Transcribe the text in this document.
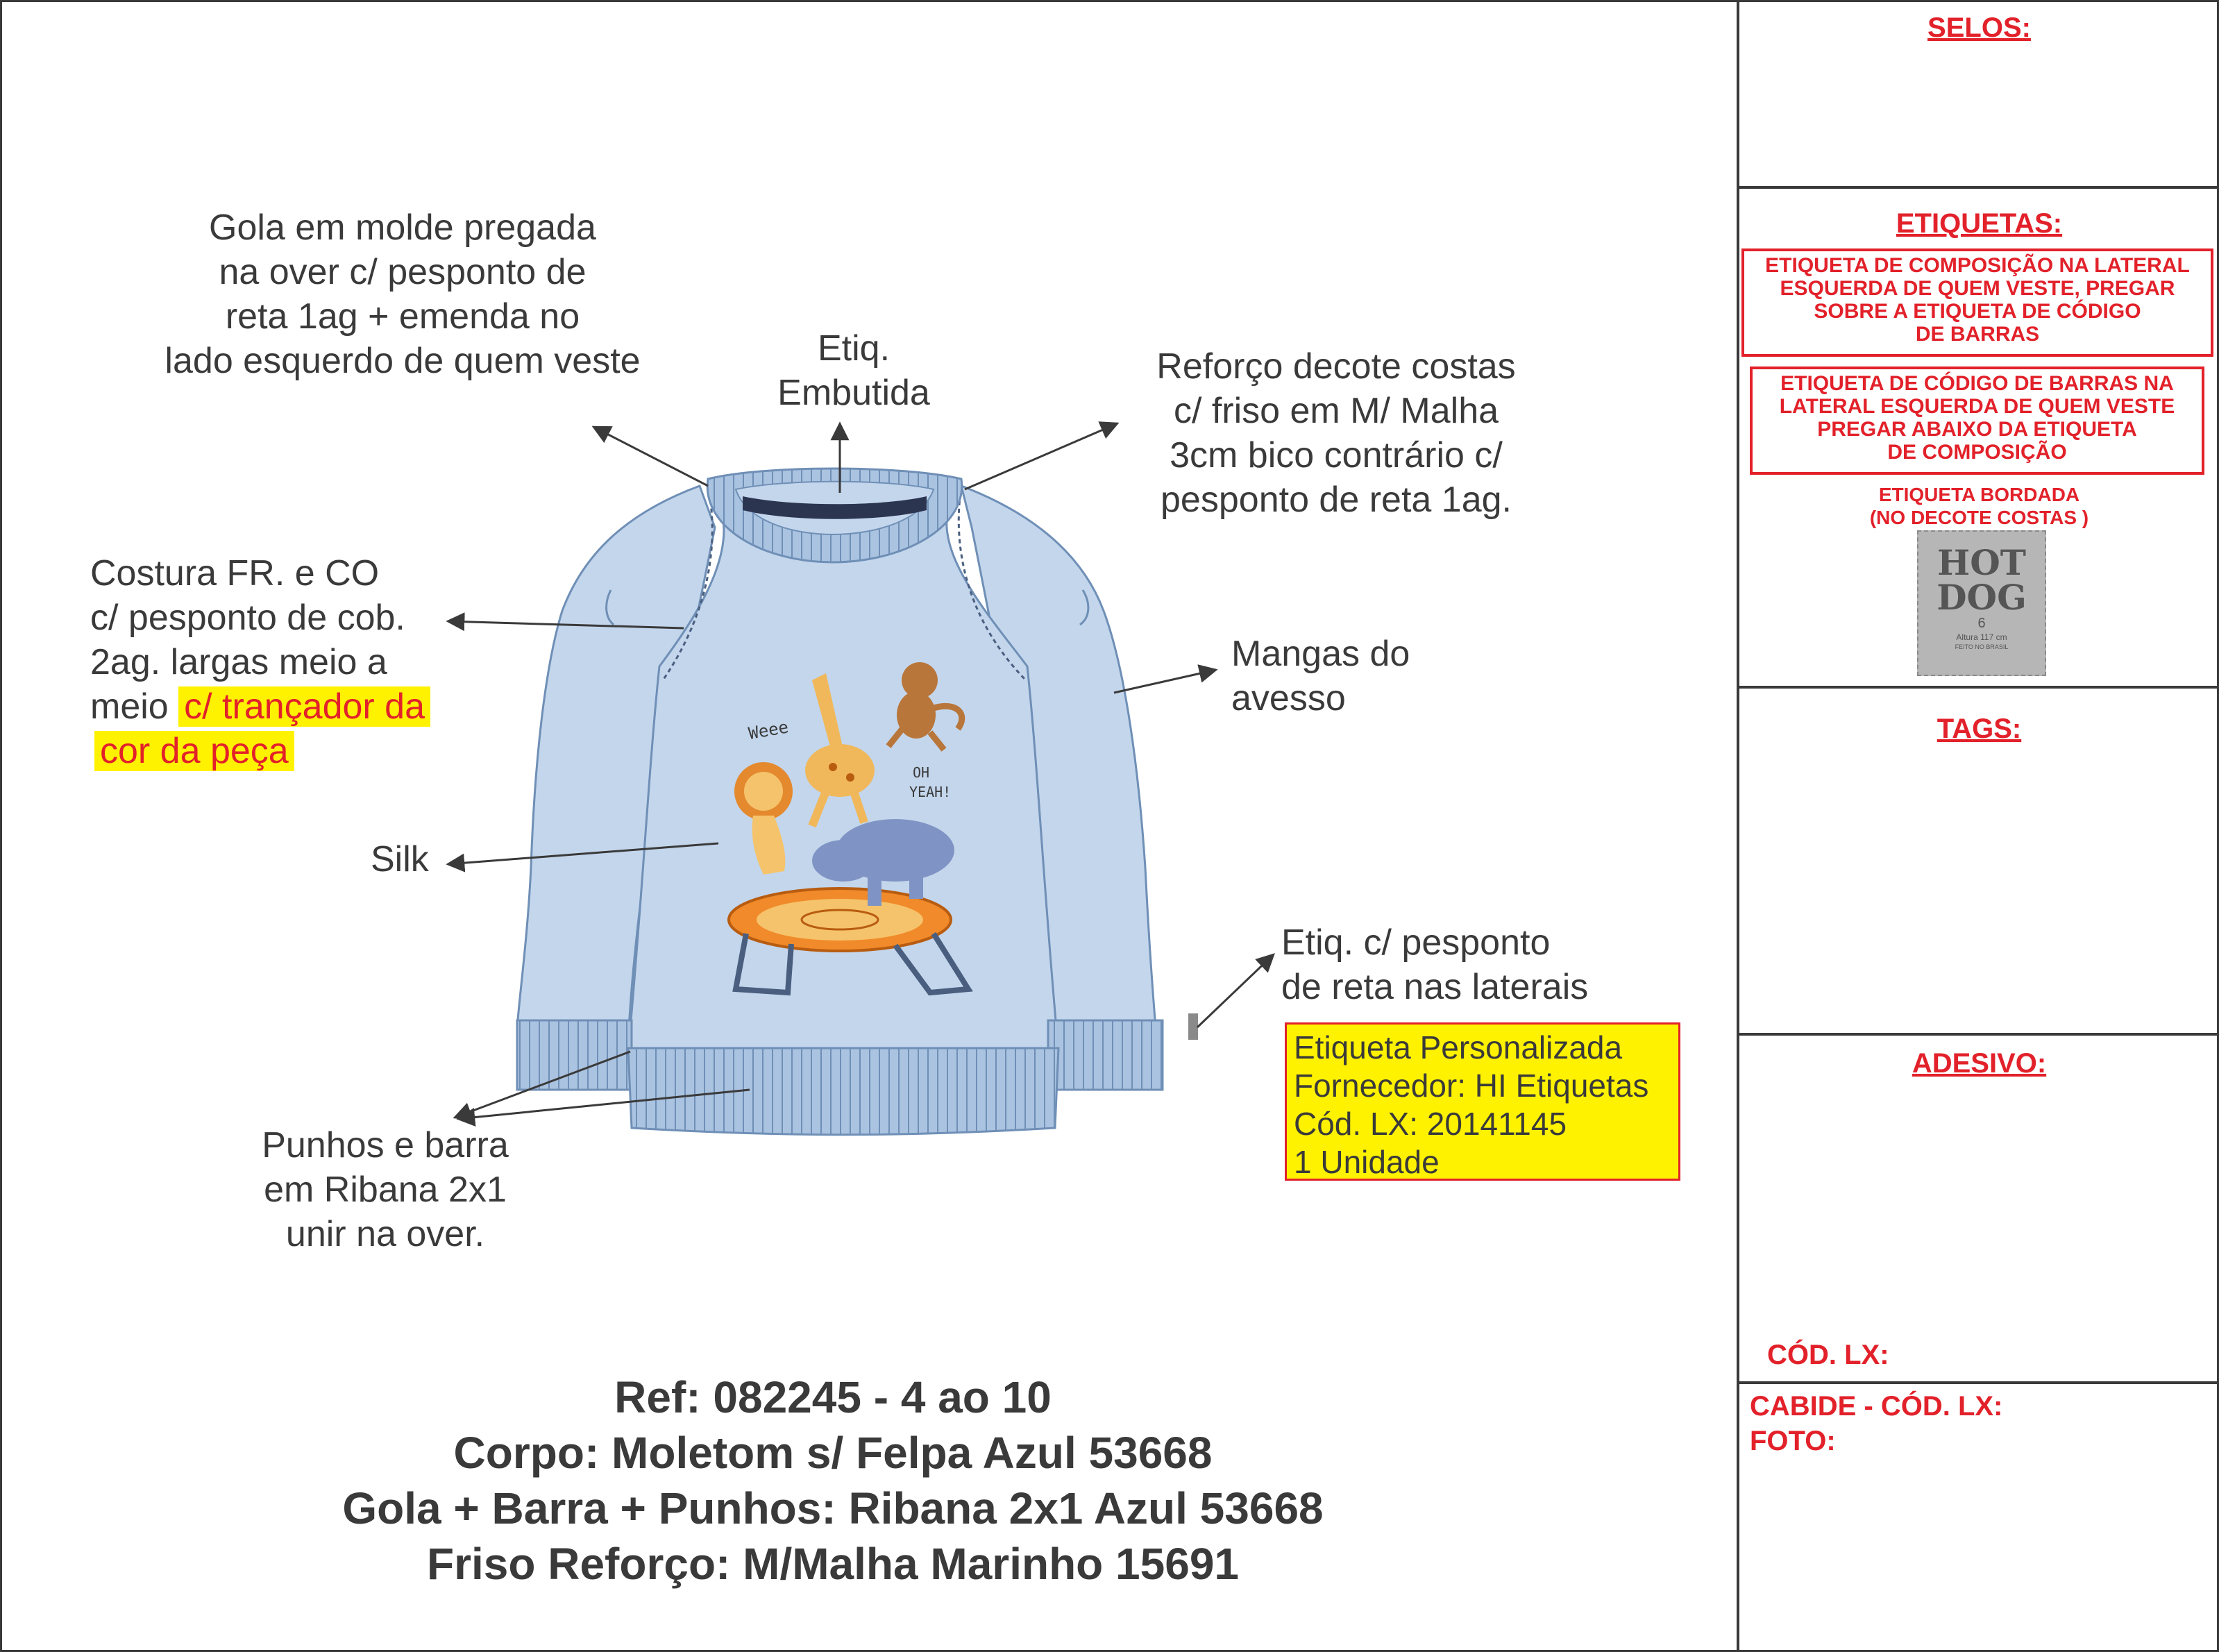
Weee
OH
YEAH!
Gola em molde pregada
na over c/ pesponto de
reta 1ag + emenda no
lado esquerdo de quem veste	Etiq.
Embutida
Reforço decote costas
c/ friso em M/ Malha
3cm bico contrário c/
pesponto de reta 1ag.
Costura FR. e CO
c/ pesponto de cob.
2ag. largas meio a
meio c/ trançador da
cor da peça
Mangas do
avesso
Silk
Etiq. c/ pesponto
de reta nas laterais
Etiqueta Personalizada
Fornecedor: HI Etiquetas
Cód. LX: 20141145
1 Unidade
Punhos e barra
em Ribana 2x1
unir na over.
Ref: 082245 - 4 ao 10
Corpo: Moletom s/ Felpa Azul 53668
Gola + Barra + Punhos: Ribana 2x1 Azul 53668
Friso Reforço: M/Malha Marinho 15691
SELOS:
ETIQUETAS:
ETIQUETA DE COMPOSIÇÃO NA LATERAL
ESQUERDA DE QUEM VESTE, PREGAR
SOBRE A ETIQUETA DE CÓDIGO
DE BARRAS
ETIQUETA DE CÓDIGO DE BARRAS NA
LATERAL ESQUERDA DE QUEM VESTE
PREGAR ABAIXO DA ETIQUETA
DE COMPOSIÇÃO
ETIQUETA BORDADA
(NO DECOTE COSTAS )
HOT
DOG
6
Altura 117 cm
FEITO NO BRASIL
TAGS:
ADESIVO:
CÓD. LX:
CABIDE - CÓD. LX:
FOTO:
